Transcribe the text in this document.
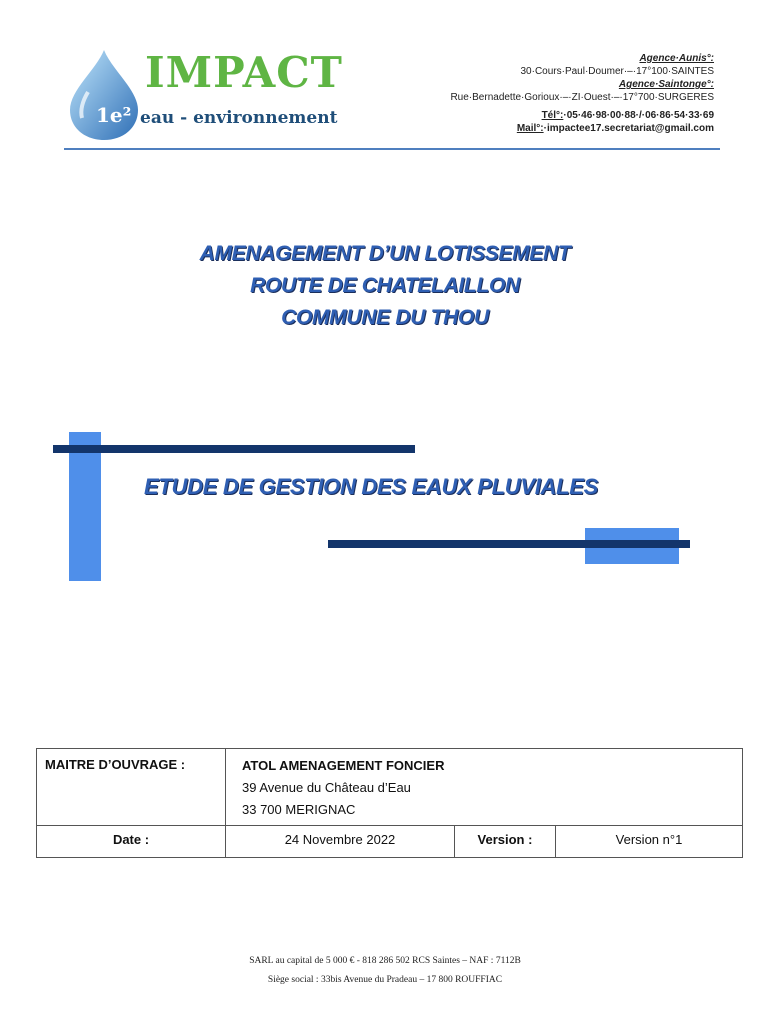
1e²
IMPACT
eau - environnement
Agence·Aunis°:
30·Cours·Paul·Doumer·–·17°100·SAINTES
Agence·Saintonge°:
Rue·Bernadette·Gorioux·–·ZI·Ouest·–·17°700·SURGERES
Tél°:·05·46·98·00·88·/·06·86·54·33·69
Mail°:·impactee17.secretariat@gmail.com
AMENAGEMENT D’UN LOTISSEMENT
ROUTE DE CHATELAILLON
COMMUNE DU THOU
ETUDE DE GESTION DES EAUX PLUVIALES
MAITRE D’OUVRAGE :	ATOL AMENAGEMENT FONCIER
39 Avenue du Château d’Eau
33 700 MERIGNAC		

Date :	24 Novembre 2022	Version :	Version n°1
SARL au capital de 5 000 € - 818 286 502 RCS Saintes – NAF : 7112B
Siège social : 33bis Avenue du Pradeau – 17 800 ROUFFIAC
